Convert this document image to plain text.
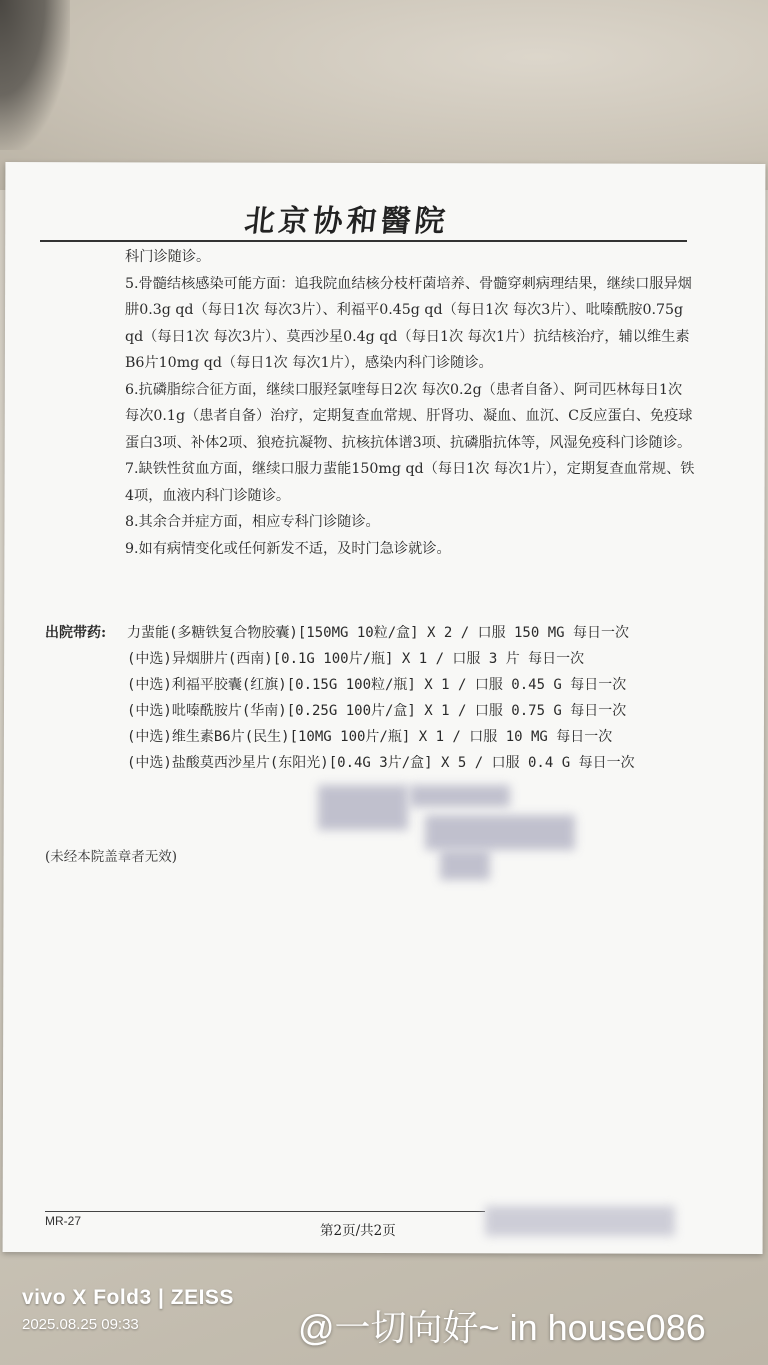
北京协和醫院

科门诊随诊。

5.骨髓结核感染可能方面：追我院血结核分枝杆菌培养、骨髓穿刺病理结果，继续口服异烟肼0.3g qd（每日1次 每次3片）、利福平0.45g qd（每日1次 每次3片）、吡嗪酰胺0.75g qd（每日1次 每次3片）、莫西沙星0.4g qd（每日1次 每次1片）抗结核治疗，辅以维生素B6片10mg qd（每日1次 每次1片），感染内科门诊随诊。

6.抗磷脂综合征方面，继续口服羟氯喹每日2次 每次0.2g（患者自备）、阿司匹林每日1次 每次0.1g（患者自备）治疗，定期复查血常规、肝肾功、凝血、血沉、C反应蛋白、免疫球蛋白3项、补体2项、狼疮抗凝物、抗核抗体谱3项、抗磷脂抗体等，风湿免疫科门诊随诊。

7.缺铁性贫血方面，继续口服力蜚能150mg qd（每日1次 每次1片），定期复查血常规、铁4项，血液内科门诊随诊。

8.其余合并症方面，相应专科门诊随诊。

9.如有病情变化或任何新发不适，及时门急诊就诊。

出院带药:	力蜚能(多糖铁复合物胶囊)[150MG 10粒/盒] X 2 / 口服 150 MG 每日一次
(中选)异烟肼片(西南)[0.1G 100片/瓶] X 1 / 口服 3 片 每日一次
(中选)利福平胶囊(红旗)[0.15G 100粒/瓶] X 1 / 口服 0.45 G 每日一次
(中选)吡嗪酰胺片(华南)[0.25G 100片/盒] X 1 / 口服 0.75 G 每日一次
(中选)维生素B6片(民生)[10MG 100片/瓶] X 1 / 口服 10 MG 每日一次
(中选)盐酸莫西沙星片(东阳光)[0.4G 3片/盒] X 5 / 口服 0.4 G 每日一次
(未经本院盖章者无效)
MR-27
第2页/共2页
vivo X Fold3 | ZEISS
2025.08.25 09:33	@一切向好~ in house086
